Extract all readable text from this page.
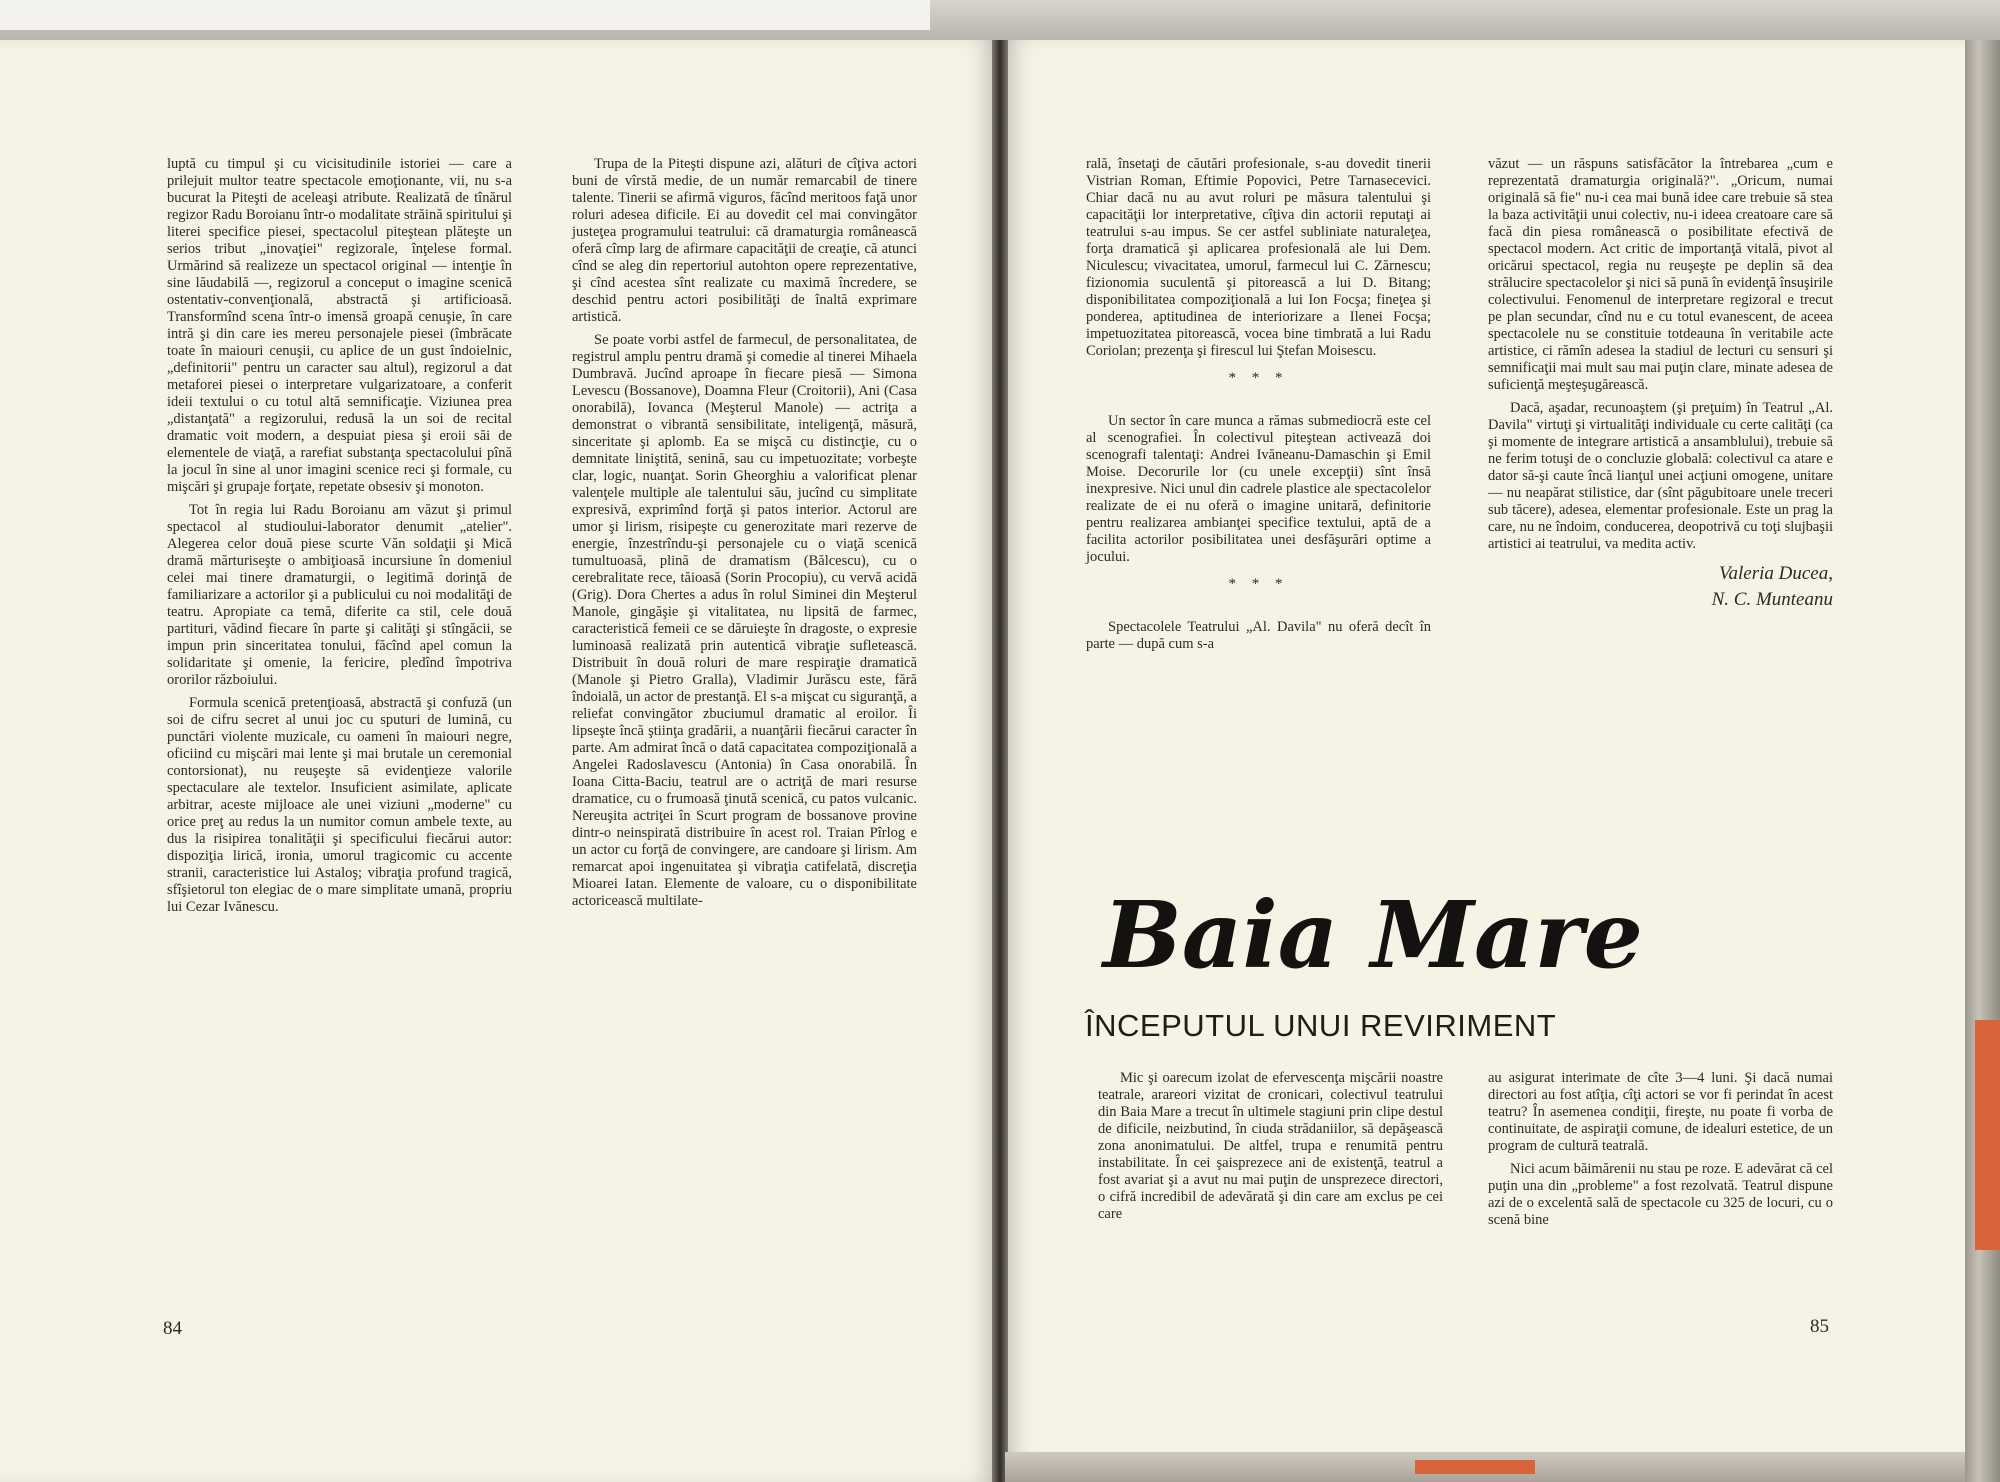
luptă cu timpul şi cu vicisitudinile istoriei — care a prilejuit multor teatre spectacole emoţionante, vii, nu s-a bucurat la Piteşti de aceleaşi atribute. Realizată de tînărul regizor Radu Boroianu într-o modalitate străină spiritului şi literei specifice piesei, spectacolul piteştean plăteşte un serios tribut „inovaţiei" regizorale, înţelese formal. Urmărind să realizeze un spectacol original — intenţie în sine lăudabilă —, regizorul a conceput o imagine scenică ostentativ-convenţională, abstractă şi artificioasă. Transformînd scena într-o imensă groapă cenuşie, în care intră şi din care ies mereu personajele piesei (îmbrăcate toate în maiouri cenuşii, cu aplice de un gust îndoielnic, „definitorii" pentru un caracter sau altul), regizorul a dat metaforei piesei o interpretare vulgarizatoare, a conferit ideii textului o cu totul altă semnificaţie. Viziunea prea „distanţată" a regizorului, redusă la un soi de recital dramatic voit modern, a despuiat piesa şi eroii săi de elementele de viaţă, a rarefiat substanţa spectacolului pînă la jocul în sine al unor imagini scenice reci şi formale, cu mişcări şi grupaje forţate, repetate obsesiv şi monoton.

Tot în regia lui Radu Boroianu am văzut şi primul spectacol al studioului-laborator denumit „atelier". Alegerea celor două piese scurte Văn soldaţii şi Mică dramă mărturiseşte o ambiţioasă incursiune în domeniul celei mai tinere dramaturgii, o legitimă dorinţă de familiarizare a actorilor şi a publicului cu noi modalităţi de teatru. Apropiate ca temă, diferite ca stil, cele două partituri, vădind fiecare în parte şi calităţi şi stîngăcii, se impun prin sinceritatea tonului, făcînd apel comun la solidaritate şi omenie, la fericire, pledînd împotriva ororilor războiului.

Formula scenică pretenţioasă, abstractă şi confuză (un soi de cifru secret al unui joc cu sputuri de lumină, cu punctări violente muzicale, cu oameni în maiouri negre, oficiind cu mişcări mai lente şi mai brutale un ceremonial contorsionat), nu reuşeşte să evidenţieze valorile spectaculare ale textelor. Insuficient asimilate, aplicate arbitrar, aceste mijloace ale unei viziuni „moderne" cu orice preţ au redus la un numitor comun ambele texte, au dus la risipirea tonalităţii şi specificului fiecărui autor: dispoziţia lirică, ironia, umorul tragicomic cu accente stranii, caracteristice lui Astaloş; vibraţia profund tragică, sfîşietorul ton elegiac de o mare simplitate umană, propriu lui Cezar Ivănescu.

Trupa de la Piteşti dispune azi, alături de cîţiva actori buni de vîrstă medie, de un număr remarcabil de tinere talente. Tinerii se afirmă viguros, făcînd meritoos faţă unor roluri adesea dificile. Ei au dovedit cel mai convingător justeţea programului teatrului: că dramaturgia românească oferă cîmp larg de afirmare capacităţii de creaţie, că atunci cînd se aleg din repertoriul autohton opere reprezentative, şi cînd acestea sînt realizate cu maximă încredere, se deschid pentru actori posibilităţi de înaltă exprimare artistică.

Se poate vorbi astfel de farmecul, de personalitatea, de registrul amplu pentru dramă şi comedie al tinerei Mihaela Dumbravă. Jucînd aproape în fiecare piesă — Simona Levescu (Bossanove), Doamna Fleur (Croitorii), Ani (Casa onorabilă), Iovanca (Meşterul Manole) — actriţa a demonstrat o vibrantă sensibilitate, inteligenţă, măsură, sinceritate şi aplomb. Ea se mişcă cu distincţie, cu o demnitate liniştită, senină, sau cu impetuozitate; vorbeşte clar, logic, nuanţat. Sorin Gheorghiu a valorificat plenar valenţele multiple ale talentului său, jucînd cu simplitate expresivă, exprimînd forţă şi patos interior. Actorul are umor şi lirism, risipeşte cu generozitate mari rezerve de energie, înzestrîndu-şi personajele cu o viaţă scenică tumultuoasă, plină de dramatism (Bălcescu), cu o cerebralitate rece, tăioasă (Sorin Procopiu), cu vervă acidă (Grig). Dora Chertes a adus în rolul Siminei din Meşterul Manole, gingăşie şi vitalitatea, nu lipsită de farmec, caracteristică femeii ce se dăruieşte în dragoste, o expresie luminoasă realizată prin autentică vibraţie sufletească. Distribuit în două roluri de mare respiraţie dramatică (Manole şi Pietro Gralla), Vladimir Jurăscu este, fără îndoială, un actor de prestanţă. El s-a mişcat cu siguranţă, a reliefat convingător zbuciumul dramatic al eroilor. Îi lipseşte încă ştiinţa gradării, a nuanţării fiecărui caracter în parte. Am admirat încă o dată capacitatea compoziţională a Angelei Radoslavescu (Antonia) în Casa onorabilă. În Ioana Citta-Baciu, teatrul are o actriţă de mari resurse dramatice, cu o frumoasă ţinută scenică, cu patos vulcanic. Nereuşita actriţei în Scurt program de bossanove provine dintr-o neinspirată distribuire în acest rol. Traian Pîrlog e un actor cu forţă de convingere, are candoare şi lirism. Am remarcat apoi ingenuitatea şi vibraţia catifelată, discreţia Mioarei Iatan. Elemente de valoare, cu o disponibilitate actoricească multilate-

84

rală, însetaţi de căutări profesionale, s-au dovedit tinerii Vistrian Roman, Eftimie Popovici, Petre Tarnasecevici. Chiar dacă nu au avut roluri pe măsura talentului şi capacităţii lor interpretative, cîţiva din actorii reputaţi ai teatrului s-au impus. Se cer astfel subliniate naturaleţea, forţa dramatică şi aplicarea profesională ale lui Dem. Niculescu; vivacitatea, umorul, farmecul lui C. Zărnescu; fizionomia suculentă şi pitorească a lui D. Bitang; disponibilitatea compoziţională a lui Ion Focşa; fineţea şi ponderea, aptitudinea de interiorizare a Ilenei Focşa; impetuozitatea pitorească, vocea bine timbrată a lui Radu Coriolan; prezenţa şi firescul lui Ştefan Moisescu.

* * *

Un sector în care munca a rămas submediocră este cel al scenografiei. În colectivul piteştean activează doi scenografi talentaţi: Andrei Ivăneanu-Damaschin şi Emil Moise. Decorurile lor (cu unele excepţii) sînt însă inexpresive. Nici unul din cadrele plastice ale spectacolelor realizate de ei nu oferă o imagine unitară, definitorie pentru realizarea ambianţei specifice textului, aptă de a facilita actorilor posibilitatea unei desfăşurări optime a jocului.

* * *

Spectacolele Teatrului „Al. Davila" nu oferă decît în parte — după cum s-a

văzut — un răspuns satisfăcător la întrebarea „cum e reprezentată dramaturgia originală?". „Oricum, numai originală să fie" nu-i cea mai bună idee care trebuie să stea la baza activităţii unui colectiv, nu-i ideea creatoare care să facă din piesa românească o posibilitate efectivă de spectacol modern. Act critic de importanţă vitală, pivot al oricărui spectacol, regia nu reuşeşte pe deplin să dea strălucire spectacolelor şi nici să pună în evidenţă însuşirile colectivului. Fenomenul de interpretare regizoral e trecut pe plan secundar, cînd nu e cu totul evanescent, de aceea spectacolele nu se constituie totdeauna în veritabile acte artistice, ci rămîn adesea la stadiul de lecturi cu sensuri şi semnificaţii mai mult sau mai puţin clare, minate adesea de suficienţă meşteşugărească.

Dacă, aşadar, recunoaştem (şi preţuim) în Teatrul „Al. Davila" virtuţi şi virtualităţi individuale cu certe calităţi (ca şi momente de integrare artistică a ansamblului), trebuie să ne ferim totuşi de o concluzie globală: colectivul ca atare e dator să-şi caute încă lianţul unei acţiuni omogene, unitare — nu neapărat stilistice, dar (sînt păgubitoare unele treceri sub tăcere), adesea, elementar profesionale. Este un prag la care, nu ne îndoim, conducerea, deopotrivă cu toţi slujbaşii artistici ai teatrului, va medita activ.

Valeria Ducea,
N. C. Munteanu
Baia Mare
ÎNCEPUTUL UNUI REVIRIMENT

Mic şi oarecum izolat de efervescenţa mişcării noastre teatrale, arareori vizitat de cronicari, colectivul teatrului din Baia Mare a trecut în ultimele stagiuni prin clipe destul de dificile, neizbutind, în ciuda strădaniilor, să depăşească zona anonimatului. De altfel, trupa e renumită pentru instabilitate. În cei şaisprezece ani de existenţă, teatrul a fost avariat şi a avut nu mai puţin de unsprezece directori, o cifră incredibil de adevărată şi din care am exclus pe cei care

au asigurat interimate de cîte 3—4 luni. Şi dacă numai directori au fost atîţia, cîţi actori se vor fi perindat în acest teatru? În asemenea condiţii, fireşte, nu poate fi vorba de continuitate, de aspiraţii comune, de idealuri estetice, de un program de cultură teatrală.

Nici acum băimărenii nu stau pe roze. E adevărat că cel puţin una din „probleme" a fost rezolvată. Teatrul dispune azi de o excelentă sală de spectacole cu 325 de locuri, cu o scenă bine

85
